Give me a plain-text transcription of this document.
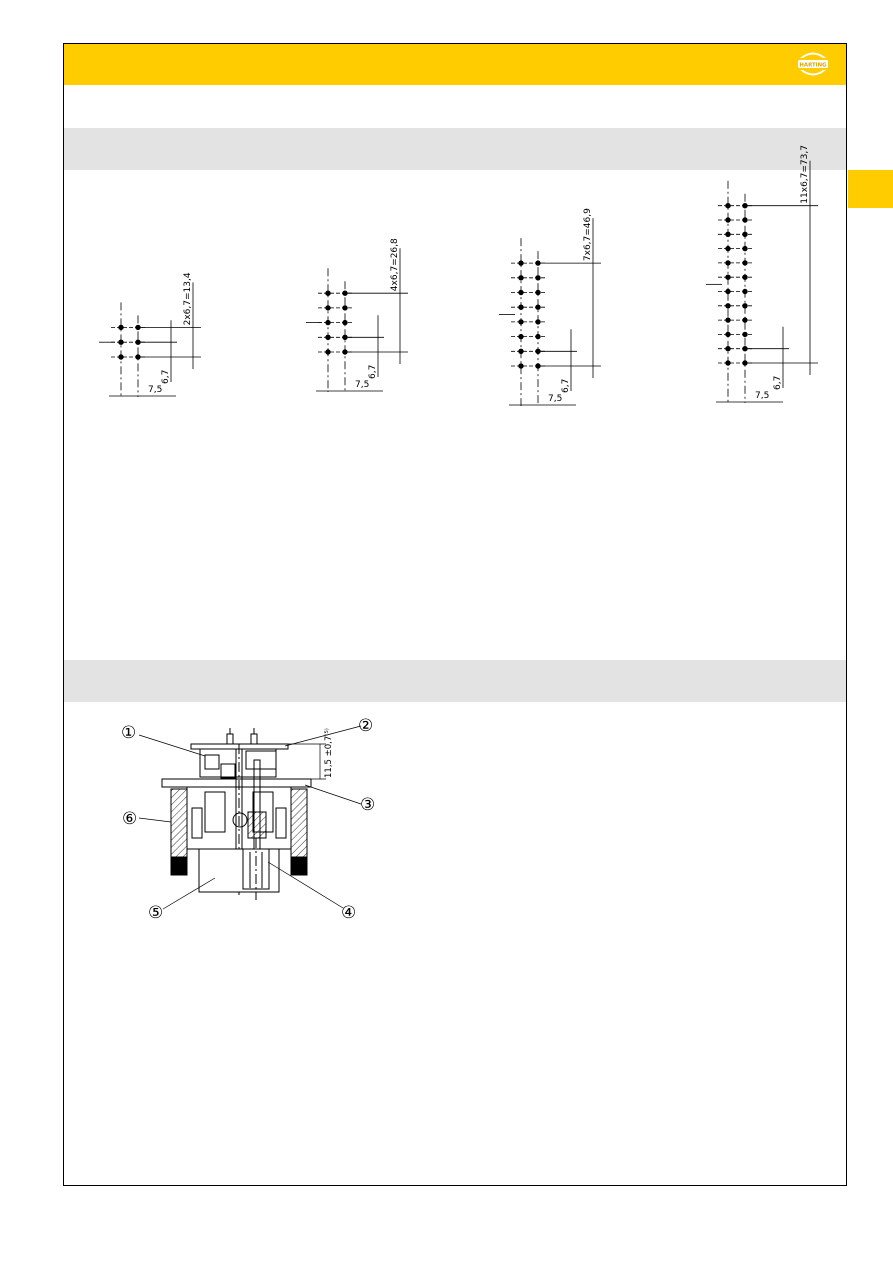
HARTING
2x6,7=13,4
6,7
7,5
4x6,7=26,8
6,7
7,5
7x6,7=46,9
6,7
7,5
11x6,7=73,7
6,7
7,5
①	②
③
④
⑤
⑥
11,5 ±0,7⁽⁵⁾
